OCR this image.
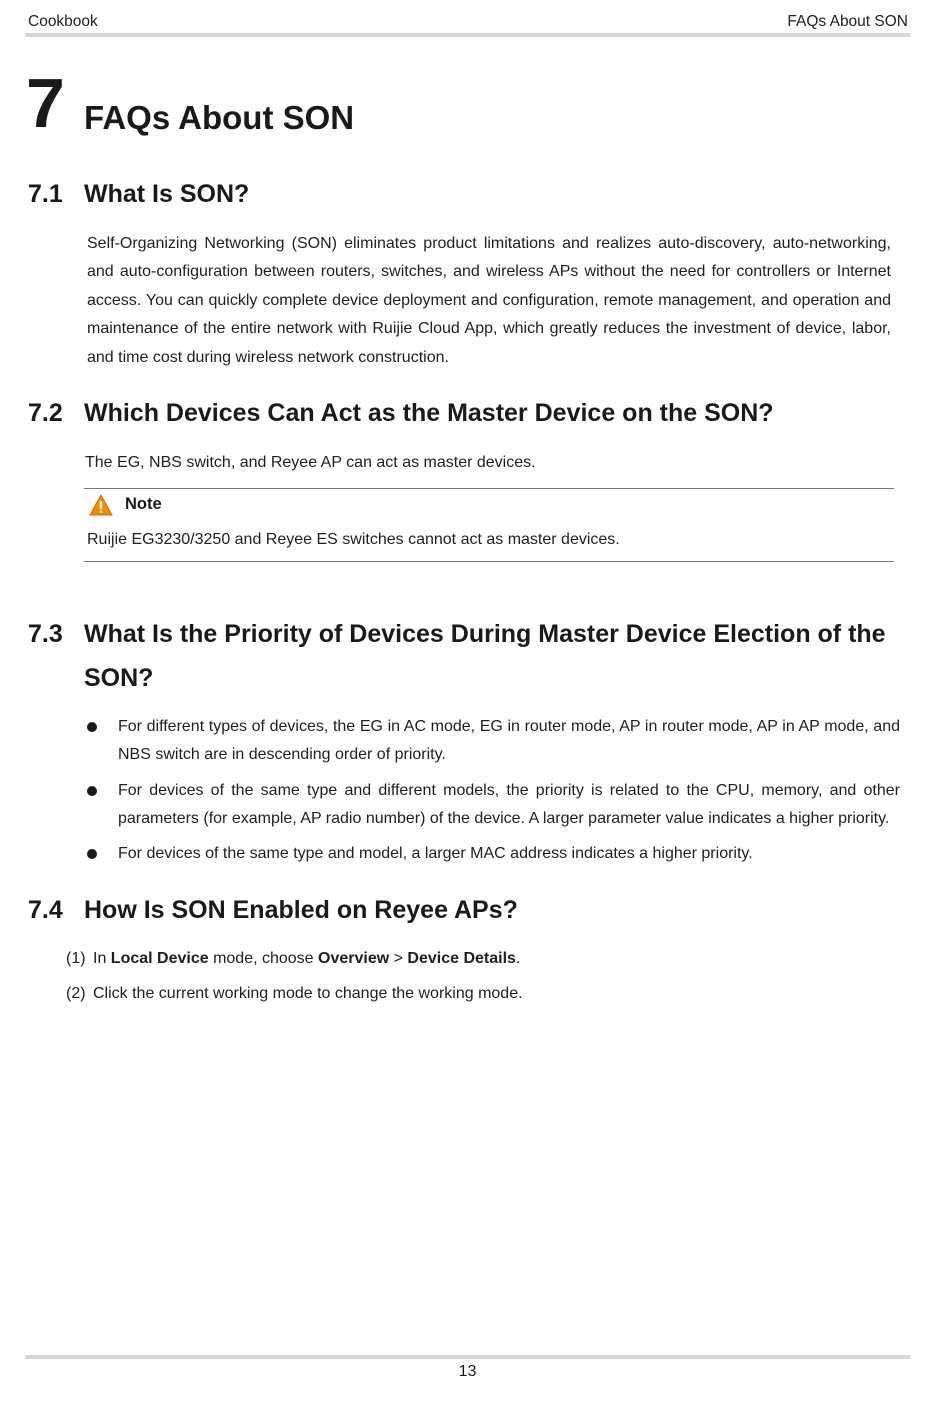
Cookbook	FAQs About SON
7 FAQs About SON
7.1 What Is SON?
Self-Organizing Networking (SON) eliminates product limitations and realizes auto-discovery, auto-networking, and auto-configuration between routers, switches, and wireless APs without the need for controllers or Internet access. You can quickly complete device deployment and configuration, remote management, and operation and maintenance of the entire network with Ruijie Cloud App, which greatly reduces the investment of device, labor, and time cost during wireless network construction.
7.2 Which Devices Can Act as the Master Device on the SON?
The EG, NBS switch, and Reyee AP can act as master devices.
Note
Ruijie EG3230/3250 and Reyee ES switches cannot act as master devices.
7.3 What Is the Priority of Devices During Master Device Election of the SON?
For different types of devices, the EG in AC mode, EG in router mode, AP in router mode, AP in AP mode, and NBS switch are in descending order of priority.
For devices of the same type and different models, the priority is related to the CPU, memory, and other parameters (for example, AP radio number) of the device. A larger parameter value indicates a higher priority.
For devices of the same type and model, a larger MAC address indicates a higher priority.
7.4 How Is SON Enabled on Reyee APs?
(1) In Local Device mode, choose Overview > Device Details.
(2) Click the current working mode to change the working mode.
13
